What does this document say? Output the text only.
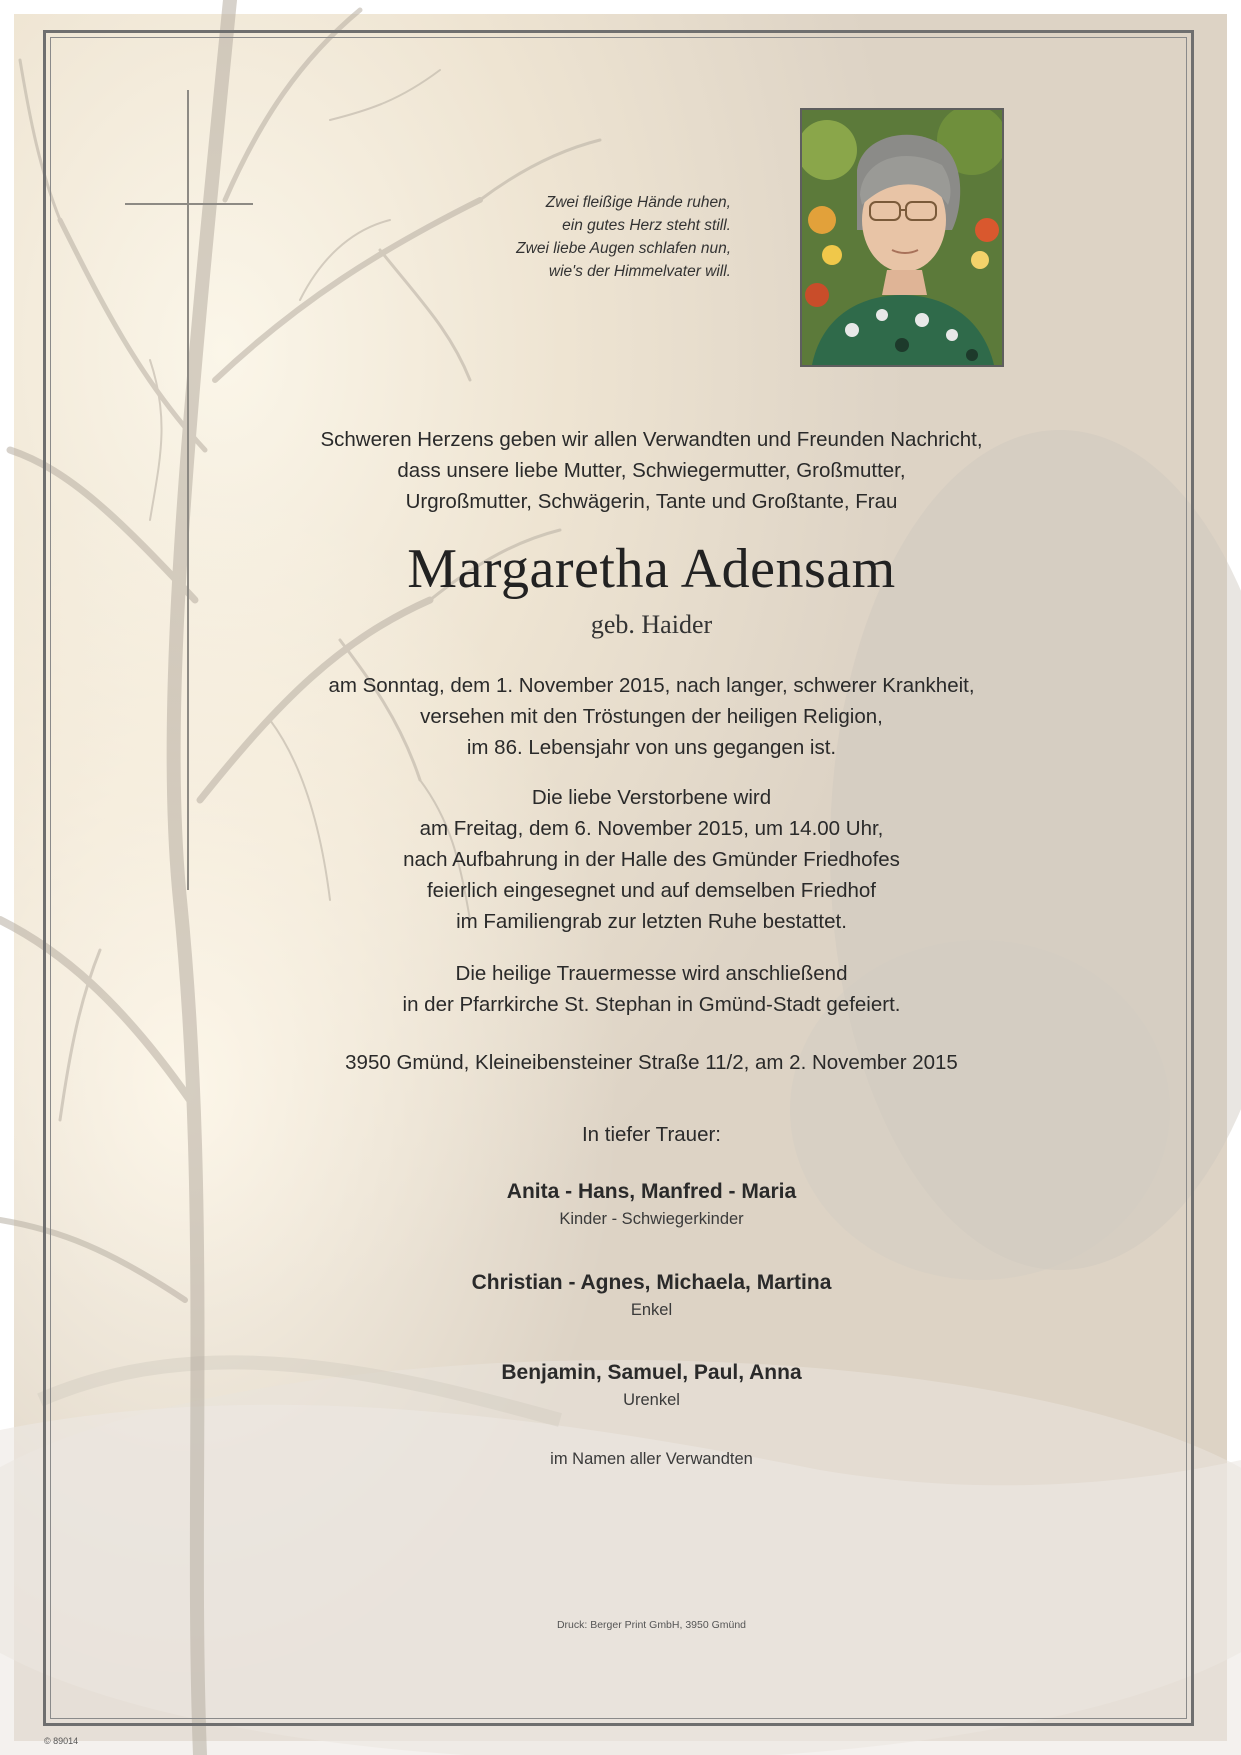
Zwei fleißige Hände ruhen,
ein gutes Herz steht still.
Zwei liebe Augen schlafen nun,
wie's der Himmelvater will.
Schweren Herzens geben wir allen Verwandten und Freunden Nachricht,
dass unsere liebe Mutter, Schwiegermutter, Großmutter,
Urgroßmutter, Schwägerin, Tante und Großtante, Frau
Margaretha Adensam
geb. Haider
am Sonntag, dem 1. November 2015, nach langer, schwerer Krankheit,
versehen mit den Tröstungen der heiligen Religion,
im 86. Lebensjahr von uns gegangen ist.
Die liebe Verstorbene wird
am Freitag, dem 6. November 2015, um 14.00 Uhr,
nach Aufbahrung in der Halle des Gmünder Friedhofes
feierlich eingesegnet und auf demselben Friedhof
im Familiengrab zur letzten Ruhe bestattet.
Die heilige Trauermesse wird anschließend
in der Pfarrkirche St. Stephan in Gmünd-Stadt gefeiert.
3950 Gmünd, Kleineibensteiner Straße 11/2, am 2. November 2015
In tiefer Trauer:
Anita - Hans, Manfred - Maria
Kinder - Schwiegerkinder
Christian - Agnes, Michaela, Martina
Enkel
Benjamin, Samuel, Paul, Anna
Urenkel
im Namen aller Verwandten
Druck: Berger Print GmbH, 3950 Gmünd
© 89014
